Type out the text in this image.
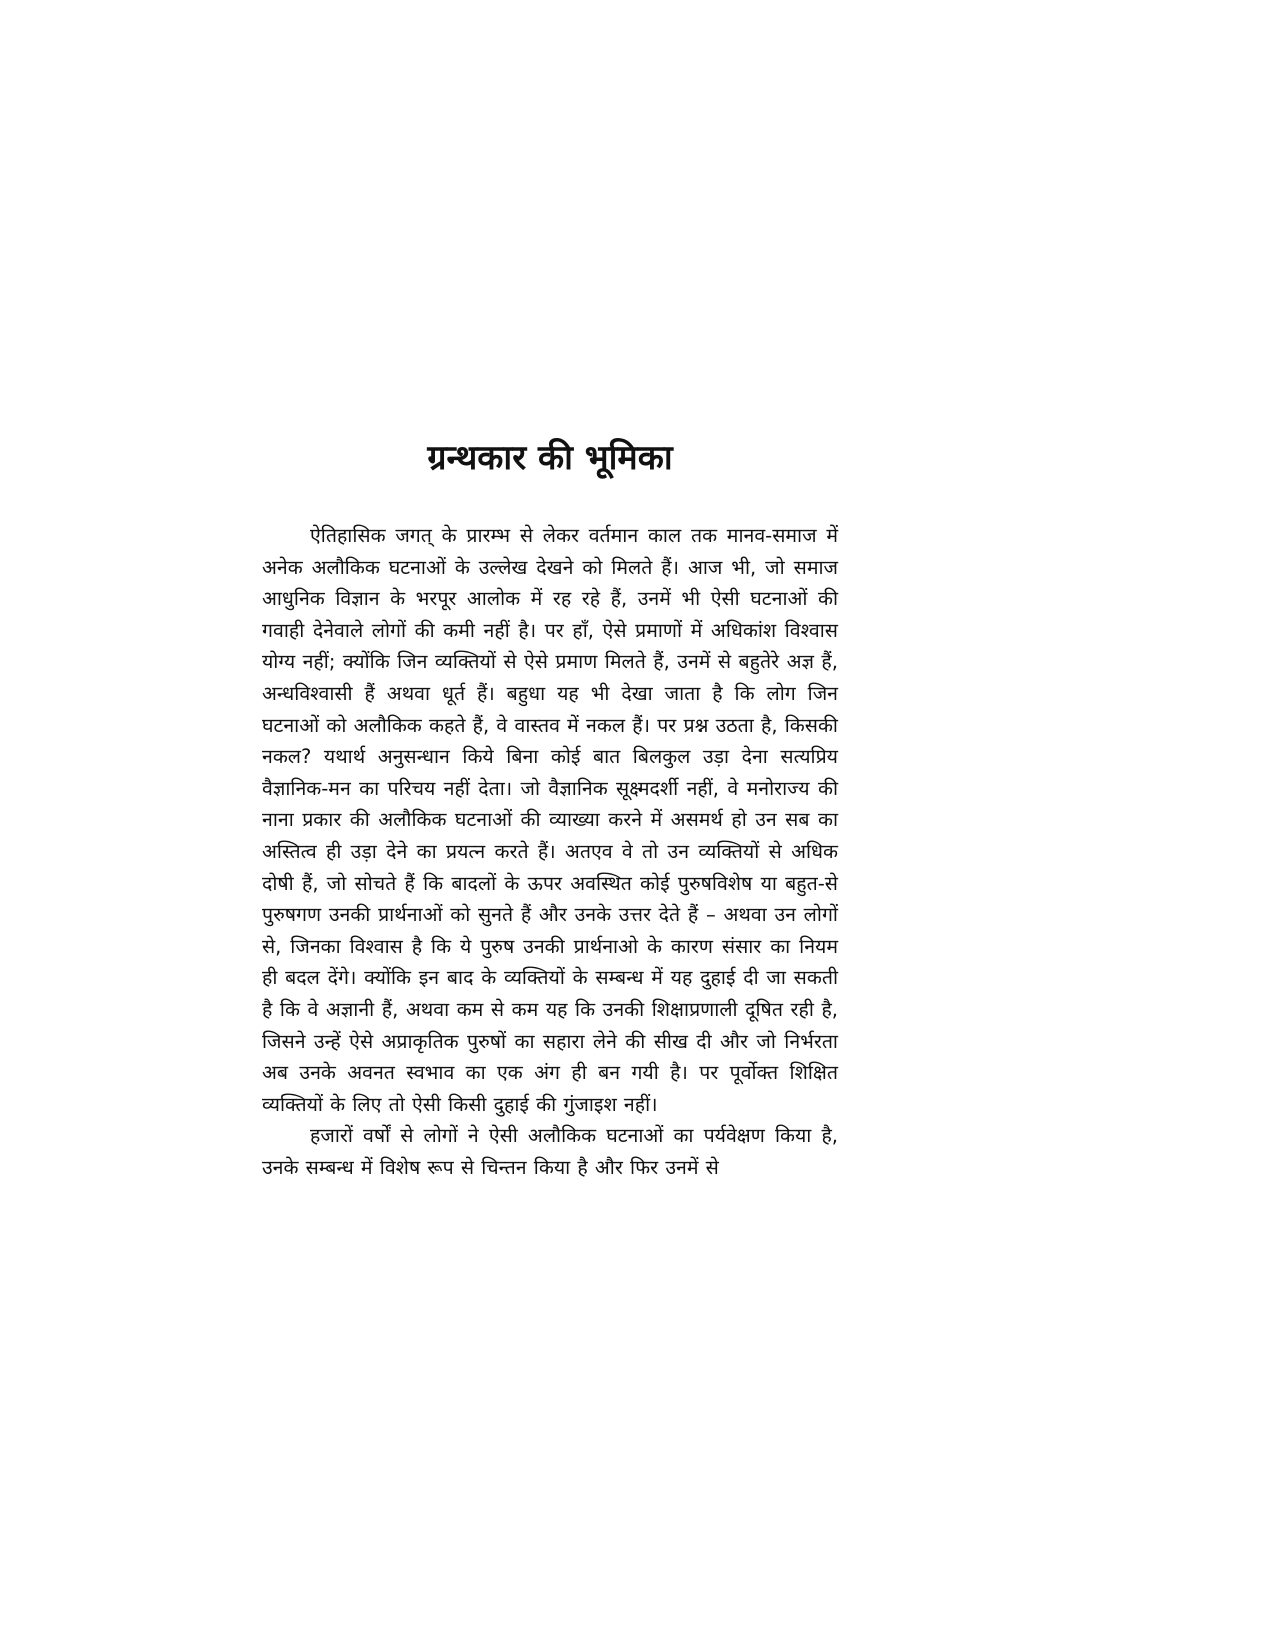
ग्रन्थकार की भूमिका

ऐतिहासिक जगत् के प्रारम्भ से लेकर वर्तमान काल तक मानव-समाज में अनेक अलौकिक घटनाओं के उल्लेख देखने को मिलते हैं। आज भी, जो समाज आधुनिक विज्ञान के भरपूर आलोक में रह रहे हैं, उनमें भी ऐसी घटनाओं की गवाही देनेवाले लोगों की कमी नहीं है। पर हाँ, ऐसे प्रमाणों में अधिकांश विश्वास योग्य नहीं; क्योंकि जिन व्यक्तियों से ऐसे प्रमाण मिलते हैं, उनमें से बहुतेरे अज्ञ हैं, अन्धविश्वासी हैं अथवा धूर्त हैं। बहुधा यह भी देखा जाता है कि लोग जिन घटनाओं को अलौकिक कहते हैं, वे वास्तव में नकल हैं। पर प्रश्न उठता है, किसकी नकल? यथार्थ अनुसन्धान किये बिना कोई बात बिलकुल उड़ा देना सत्यप्रिय वैज्ञानिक-मन का परिचय नहीं देता। जो वैज्ञानिक सूक्ष्मदर्शी नहीं, वे मनोराज्य की नाना प्रकार की अलौकिक घटनाओं की व्याख्या करने में असमर्थ हो उन सब का अस्तित्व ही उड़ा देने का प्रयत्न करते हैं। अतएव वे तो उन व्यक्तियों से अधिक दोषी हैं, जो सोचते हैं कि बादलों के ऊपर अवस्थित कोई पुरुषविशेष या बहुत-से पुरुषगण उनकी प्रार्थनाओं को सुनते हैं और उनके उत्तर देते हैं – अथवा उन लोगों से, जिनका विश्वास है कि ये पुरुष उनकी प्रार्थनाओ के कारण संसार का नियम ही बदल देंगे। क्योंकि इन बाद के व्यक्तियों के सम्बन्ध में यह दुहाई दी जा सकती है कि वे अज्ञानी हैं, अथवा कम से कम यह कि उनकी शिक्षाप्रणाली दूषित रही है, जिसने उन्हें ऐसे अप्राकृतिक पुरुषों का सहारा लेने की सीख दी और जो निर्भरता अब उनके अवनत स्वभाव का एक अंग ही बन गयी है। पर पूर्वोक्त शिक्षित व्यक्तियों के लिए तो ऐसी किसी दुहाई की गुंजाइश नहीं।

हजारों वर्षों से लोगों ने ऐसी अलौकिक घटनाओं का पर्यवेक्षण किया है, उनके सम्बन्ध में विशेष रूप से चिन्तन किया है और फिर उनमें से
